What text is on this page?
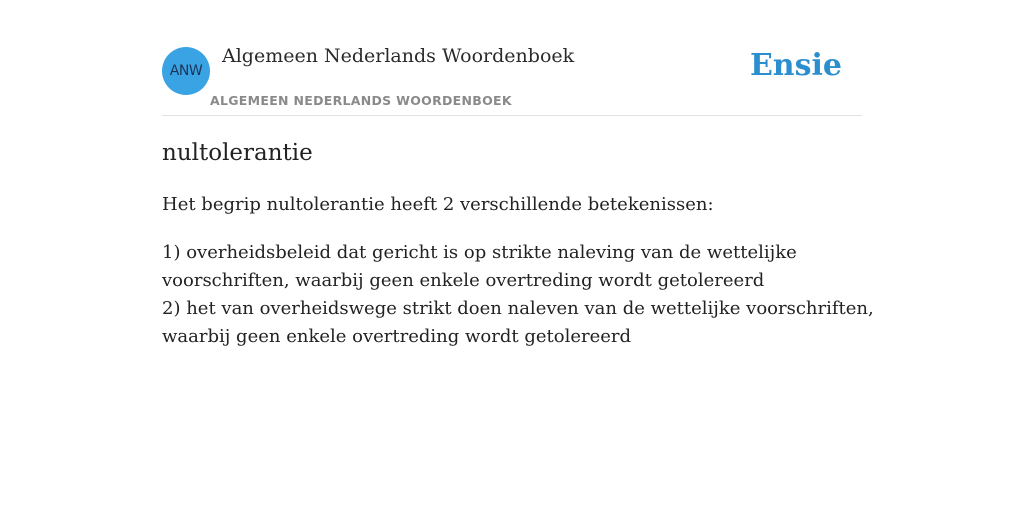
ANW
Algemeen Nederlands Woordenboek
ALGEMEEN NEDERLANDS WOORDENBOEK
Ensie
nultolerantie

Het begrip nultolerantie heeft 2 verschillende betekenissen:

1) overheidsbeleid dat gericht is op strikte naleving van de wettelijke
voorschriften, waarbij geen enkele overtreding wordt getolereerd
2) het van overheidswege strikt doen naleven van de wettelijke voorschriften,
waarbij geen enkele overtreding wordt getolereerd
